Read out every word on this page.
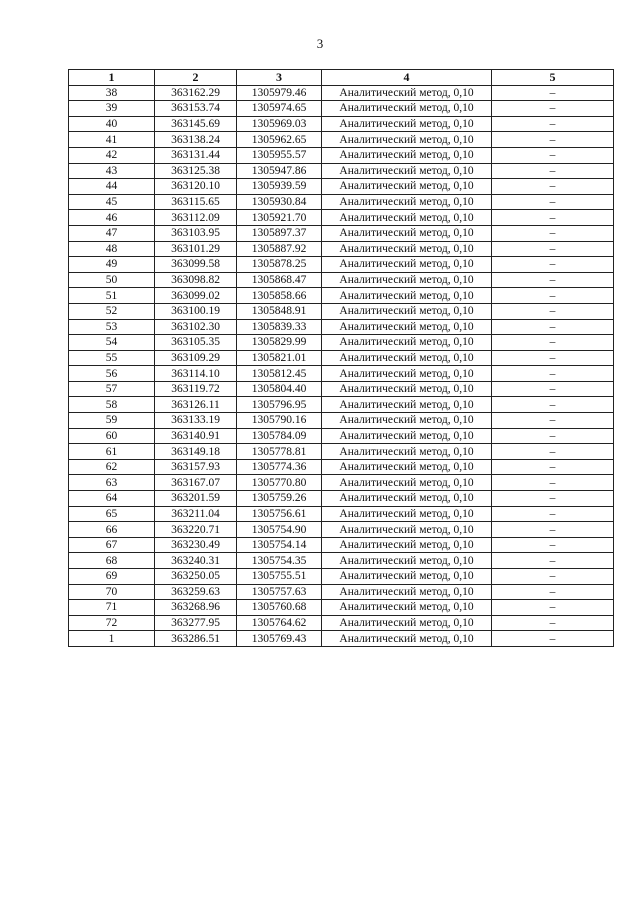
3
1	2	3	4	5
38	363162.29	1305979.46	Аналитический метод, 0,10	–
39	363153.74	1305974.65	Аналитический метод, 0,10	–
40	363145.69	1305969.03	Аналитический метод, 0,10	–
41	363138.24	1305962.65	Аналитический метод, 0,10	–
42	363131.44	1305955.57	Аналитический метод, 0,10	–
43	363125.38	1305947.86	Аналитический метод, 0,10	–
44	363120.10	1305939.59	Аналитический метод, 0,10	–
45	363115.65	1305930.84	Аналитический метод, 0,10	–
46	363112.09	1305921.70	Аналитический метод, 0,10	–
47	363103.95	1305897.37	Аналитический метод, 0,10	–
48	363101.29	1305887.92	Аналитический метод, 0,10	–
49	363099.58	1305878.25	Аналитический метод, 0,10	–
50	363098.82	1305868.47	Аналитический метод, 0,10	–
51	363099.02	1305858.66	Аналитический метод, 0,10	–
52	363100.19	1305848.91	Аналитический метод, 0,10	–
53	363102.30	1305839.33	Аналитический метод, 0,10	–
54	363105.35	1305829.99	Аналитический метод, 0,10	–
55	363109.29	1305821.01	Аналитический метод, 0,10	–
56	363114.10	1305812.45	Аналитический метод, 0,10	–
57	363119.72	1305804.40	Аналитический метод, 0,10	–
58	363126.11	1305796.95	Аналитический метод, 0,10	–
59	363133.19	1305790.16	Аналитический метод, 0,10	–
60	363140.91	1305784.09	Аналитический метод, 0,10	–
61	363149.18	1305778.81	Аналитический метод, 0,10	–
62	363157.93	1305774.36	Аналитический метод, 0,10	–
63	363167.07	1305770.80	Аналитический метод, 0,10	–
64	363201.59	1305759.26	Аналитический метод, 0,10	–
65	363211.04	1305756.61	Аналитический метод, 0,10	–
66	363220.71	1305754.90	Аналитический метод, 0,10	–
67	363230.49	1305754.14	Аналитический метод, 0,10	–
68	363240.31	1305754.35	Аналитический метод, 0,10	–
69	363250.05	1305755.51	Аналитический метод, 0,10	–
70	363259.63	1305757.63	Аналитический метод, 0,10	–
71	363268.96	1305760.68	Аналитический метод, 0,10	–
72	363277.95	1305764.62	Аналитический метод, 0,10	–
1	363286.51	1305769.43	Аналитический метод, 0,10	–
